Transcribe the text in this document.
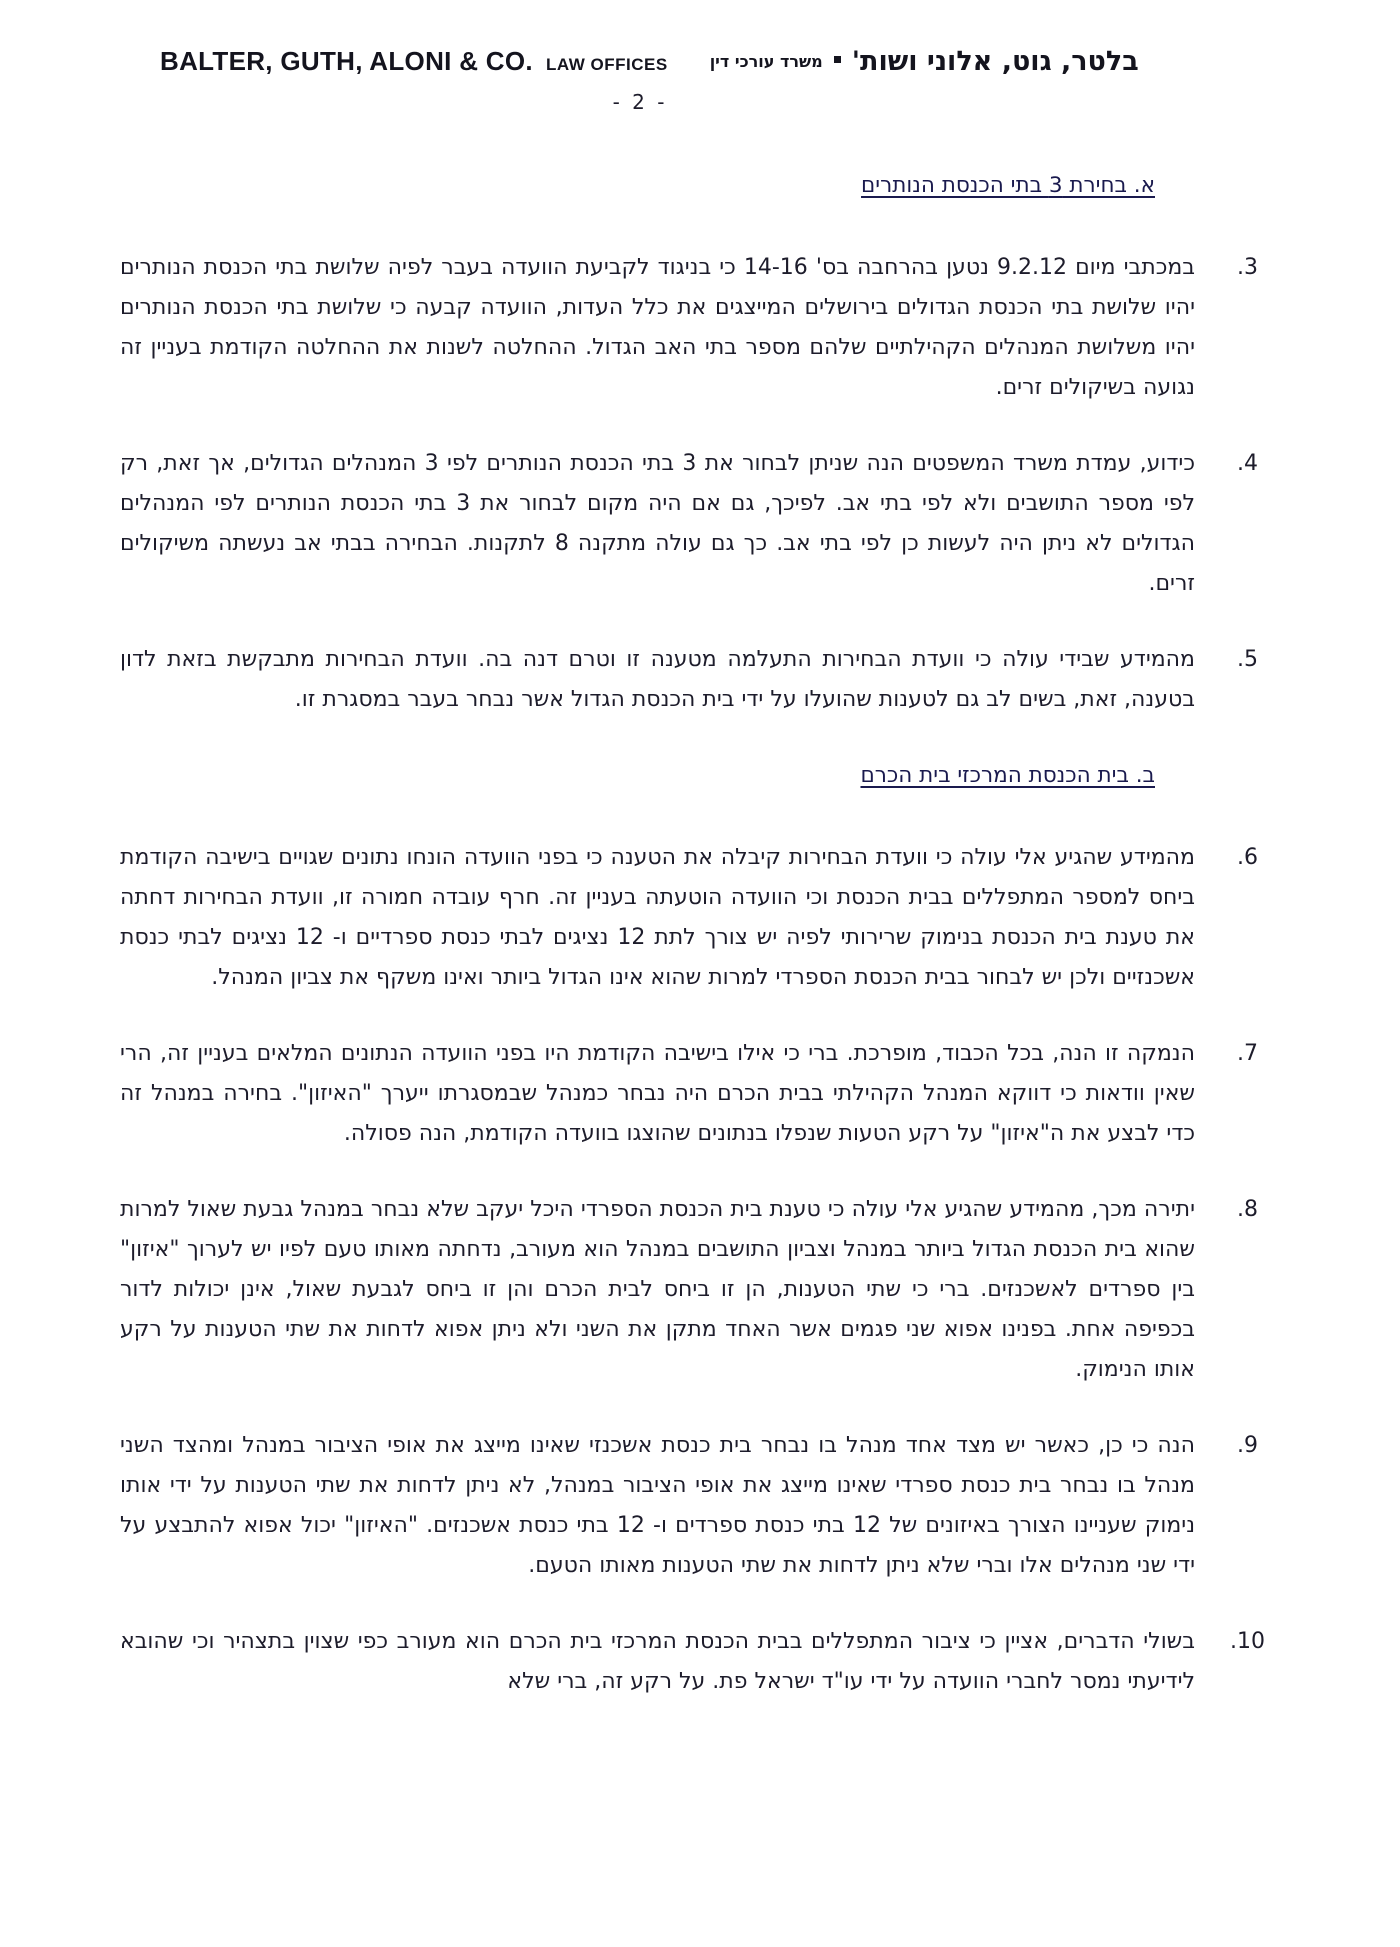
BALTER, GUTH, ALONI & CO. LAW OFFICES	בלטר, גוט, אלוני ושות'
משרד עורכי דין
- 2 -
א. בחירת 3 בתי הכנסת הנותרים
3.
במכתבי מיום 9.2.12 נטען בהרחבה בס' 14-16 כי בניגוד לקביעת הוועדה בעבר לפיה שלושת בתי הכנסת הנותרים יהיו שלושת בתי הכנסת הגדולים בירושלים המייצגים את כלל העדות, הוועדה קבעה כי שלושת בתי הכנסת הנותרים יהיו משלושת המנהלים הקהילתיים שלהם מספר בתי האב הגדול. ההחלטה לשנות את ההחלטה הקודמת בעניין זה נגועה בשיקולים זרים.
4.
כידוע, עמדת משרד המשפטים הנה שניתן לבחור את 3 בתי הכנסת הנותרים לפי 3 המנהלים הגדולים, אך זאת, רק לפי מספר התושבים ולא לפי בתי אב. לפיכך, גם אם היה מקום לבחור את 3 בתי הכנסת הנותרים לפי המנהלים הגדולים לא ניתן היה לעשות כן לפי בתי אב. כך גם עולה מתקנה 8 לתקנות. הבחירה בבתי אב נעשתה משיקולים זרים.
5.
מהמידע שבידי עולה כי וועדת הבחירות התעלמה מטענה זו וטרם דנה בה. וועדת הבחירות מתבקשת בזאת לדון בטענה, זאת, בשים לב גם לטענות שהועלו על ידי בית הכנסת הגדול אשר נבחר בעבר במסגרת זו.
ב. בית הכנסת המרכזי בית הכרם
6.
מהמידע שהגיע אלי עולה כי וועדת הבחירות קיבלה את הטענה כי בפני הוועדה הונחו נתונים שגויים בישיבה הקודמת ביחס למספר המתפללים בבית הכנסת וכי הוועדה הוטעתה בעניין זה. חרף עובדה חמורה זו, וועדת הבחירות דחתה את טענת בית הכנסת בנימוק שרירותי לפיה יש צורך לתת 12 נציגים לבתי כנסת ספרדיים ו- 12 נציגים לבתי כנסת אשכנזיים ולכן יש לבחור בבית הכנסת הספרדי למרות שהוא אינו הגדול ביותר ואינו משקף את צביון המנהל.
7.
הנמקה זו הנה, בכל הכבוד, מופרכת. ברי כי אילו בישיבה הקודמת היו בפני הוועדה הנתונים המלאים בעניין זה, הרי שאין וודאות כי דווקא המנהל הקהילתי בבית הכרם היה נבחר כמנהל שבמסגרתו ייערך "האיזון". בחירה במנהל זה כדי לבצע את ה"איזון" על רקע הטעות שנפלו בנתונים שהוצגו בוועדה הקודמת, הנה פסולה.
8.
יתירה מכך, מהמידע שהגיע אלי עולה כי טענת בית הכנסת הספרדי היכל יעקב שלא נבחר במנהל גבעת שאול למרות שהוא בית הכנסת הגדול ביותר במנהל וצביון התושבים במנהל הוא מעורב, נדחתה מאותו טעם לפיו יש לערוך "איזון" בין ספרדים לאשכנזים. ברי כי שתי הטענות, הן זו ביחס לבית הכרם והן זו ביחס לגבעת שאול, אינן יכולות לדור בכפיפה אחת. בפנינו אפוא שני פגמים אשר האחד מתקן את השני ולא ניתן אפוא לדחות את שתי הטענות על רקע אותו הנימוק.
9.
הנה כי כן, כאשר יש מצד אחד מנהל בו נבחר בית כנסת אשכנזי שאינו מייצג את אופי הציבור במנהל ומהצד השני מנהל בו נבחר בית כנסת ספרדי שאינו מייצג את אופי הציבור במנהל, לא ניתן לדחות את שתי הטענות על ידי אותו נימוק שעניינו הצורך באיזונים של 12 בתי כנסת ספרדים ו- 12 בתי כנסת אשכנזים. "האיזון" יכול אפוא להתבצע על ידי שני מנהלים אלו וברי שלא ניתן לדחות את שתי הטענות מאותו הטעם.
10.
בשולי הדברים, אציין כי ציבור המתפללים בבית הכנסת המרכזי בית הכרם הוא מעורב כפי שצוין בתצהיר וכי שהובא לידיעתי נמסר לחברי הוועדה על ידי עו"ד ישראל פת. על רקע זה, ברי שלא
